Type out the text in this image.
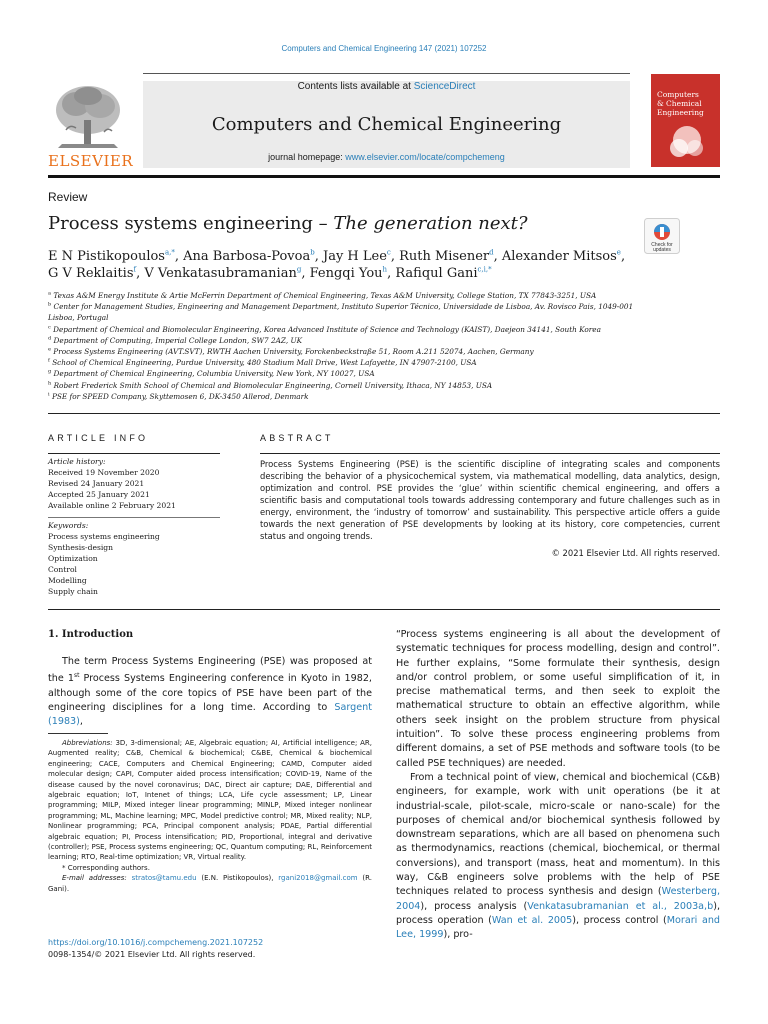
Computers and Chemical Engineering 147 (2021) 107252
ELSEVIER
Contents lists available at ScienceDirect
Computers and Chemical Engineering
journal homepage: www.elsevier.com/locate/compchemeng
Computers
& Chemical
Engineering
Review
Process systems engineering – The generation next?
Check for
updates
E N Pistikopoulos$^{a,*}$, Ana Barbosa-Povoa$^b$, Jay H Lee$^c$, Ruth Misener$^d$, Alexander Mitsos$^e$,
G V Reklaitis$^f$, V Venkatasubramanian$^g$, Fengqi You$^h$, Rafiqul Gani$^{c,i,*}$
$^a$ Texas A&M Energy Institute & Artie McFerrin Department of Chemical Engineering, Texas A&M University, College Station, TX 77843-3251, USA
$^b$ Center for Management Studies, Engineering and Management Department, Instituto Superior Técnico, Universidade de Lisboa, Av. Rovisco Pais, 1049-001 Lisboa, Portugal
$^c$ Department of Chemical and Biomolecular Engineering, Korea Advanced Institute of Science and Technology (KAIST), Daejeon 34141, South Korea
$^d$ Department of Computing, Imperial College London, SW7 2AZ, UK
$^e$ Process Systems Engineering (AVT.SVT), RWTH Aachen University, Forckenbeckstraße 51, Room A.211 52074, Aachen, Germany
$^f$ School of Chemical Engineering, Purdue University, 480 Stadium Mall Drive, West Lafayette, IN 47907-2100, USA
$^g$ Department of Chemical Engineering, Columbia University, New York, NY 10027, USA
$^h$ Robert Frederick Smith School of Chemical and Biomolecular Engineering, Cornell University, Ithaca, NY 14853, USA
$^i$ PSE for SPEED Company, Skyttemosen 6, DK-3450 Allerod, Denmark
ARTICLE INFO
Article history:
Received 19 November 2020
Revised 24 January 2021
Accepted 25 January 2021
Available online 2 February 2021
Keywords:
Process systems engineering
Synthesis-design
Optimization
Control
Modelling
Supply chain
ABSTRACT
Process Systems Engineering (PSE) is the scientific discipline of integrating scales and components describing the behavior of a physicochemical system, via mathematical modelling, data analytics, design, optimization and control. PSE provides the ‘glue’ within scientific chemical engineering, and offers a scientific basis and computational tools towards addressing contemporary and future challenges such as in energy, environment, the ‘industry of tomorrow’ and sustainability. This perspective article offers a guide towards the next generation of PSE developments by looking at its history, core competencies, current status and ongoing trends.
© 2021 Elsevier Ltd. All rights reserved.
1. Introduction
The term Process Systems Engineering (PSE) was proposed at the 1st Process Systems Engineering conference in Kyoto in 1982, although some of the core topics of PSE have been part of the engineering disciplines for a long time. According to Sargent (1983),
Abbreviations: 3D, 3-dimensional; AE, Algebraic equation; AI, Artificial intelligence; AR, Augmented reality; C&B, Chemical & biochemical; C&BE, Chemical & biochemical engineering; CACE, Computers and Chemical Engineering; CAMD, Computer aided molecular design; CAPI, Computer aided process intensification; COVID-19, Name of the disease caused by the novel coronavirus; DAC, Direct air capture; DAE, Differential and algebraic equation; IoT, Intenet of things; LCA, Life cycle assessment; LP, Linear programming; MILP, Mixed integer linear programming; MINLP, Mixed integer nonlinear programming; ML, Machine learning; MPC, Model predictive control; MR, Mixed reality; NLP, Nonlinear programming; PCA, Principal component analysis; PDAE, Partial differential algebraic equation; PI, Process intensification; PID, Proportional, integral and derivative (controller); PSE, Process systems engineering; QC, Quantum computing; RL, Reinforcement learning; RTO, Real-time optimization; VR, Virtual reality.
* Corresponding authors.
E-mail addresses: stratos@tamu.edu (E.N. Pistikopoulos), rgani2018@gmail.com (R. Gani).
https://doi.org/10.1016/j.compchemeng.2021.107252
0098-1354/© 2021 Elsevier Ltd. All rights reserved.

“Process systems engineering is all about the development of systematic techniques for process modelling, design and control”. He further explains, “Some formulate their synthesis, design and/or control problem, or some useful simplification of it, in precise mathematical terms, and then seek to exploit the mathematical structure to obtain an effective algorithm, while others seek insight on the problem structure from physical intuition”. To solve these process engineering problems from different domains, a set of PSE methods and software tools (to be called PSE techniques) are needed.

From a technical point of view, chemical and biochemical (C&B) engineers, for example, work with unit operations (be it at industrial-scale, pilot-scale, micro-scale or nano-scale) for the purposes of chemical and/or biochemical synthesis followed by downstream separations, which are all based on phenomena such as thermodynamics, reactions (chemical, biochemical, or thermal conversions), and transport (mass, heat and momentum). In this way, C&B engineers solve problems with the help of PSE techniques related to process synthesis and design (Westerberg, 2004), process analysis (Venkatasubramanian et al., 2003a,b), process operation (Wan et al. 2005), process control (Morari and Lee, 1999), pro-
